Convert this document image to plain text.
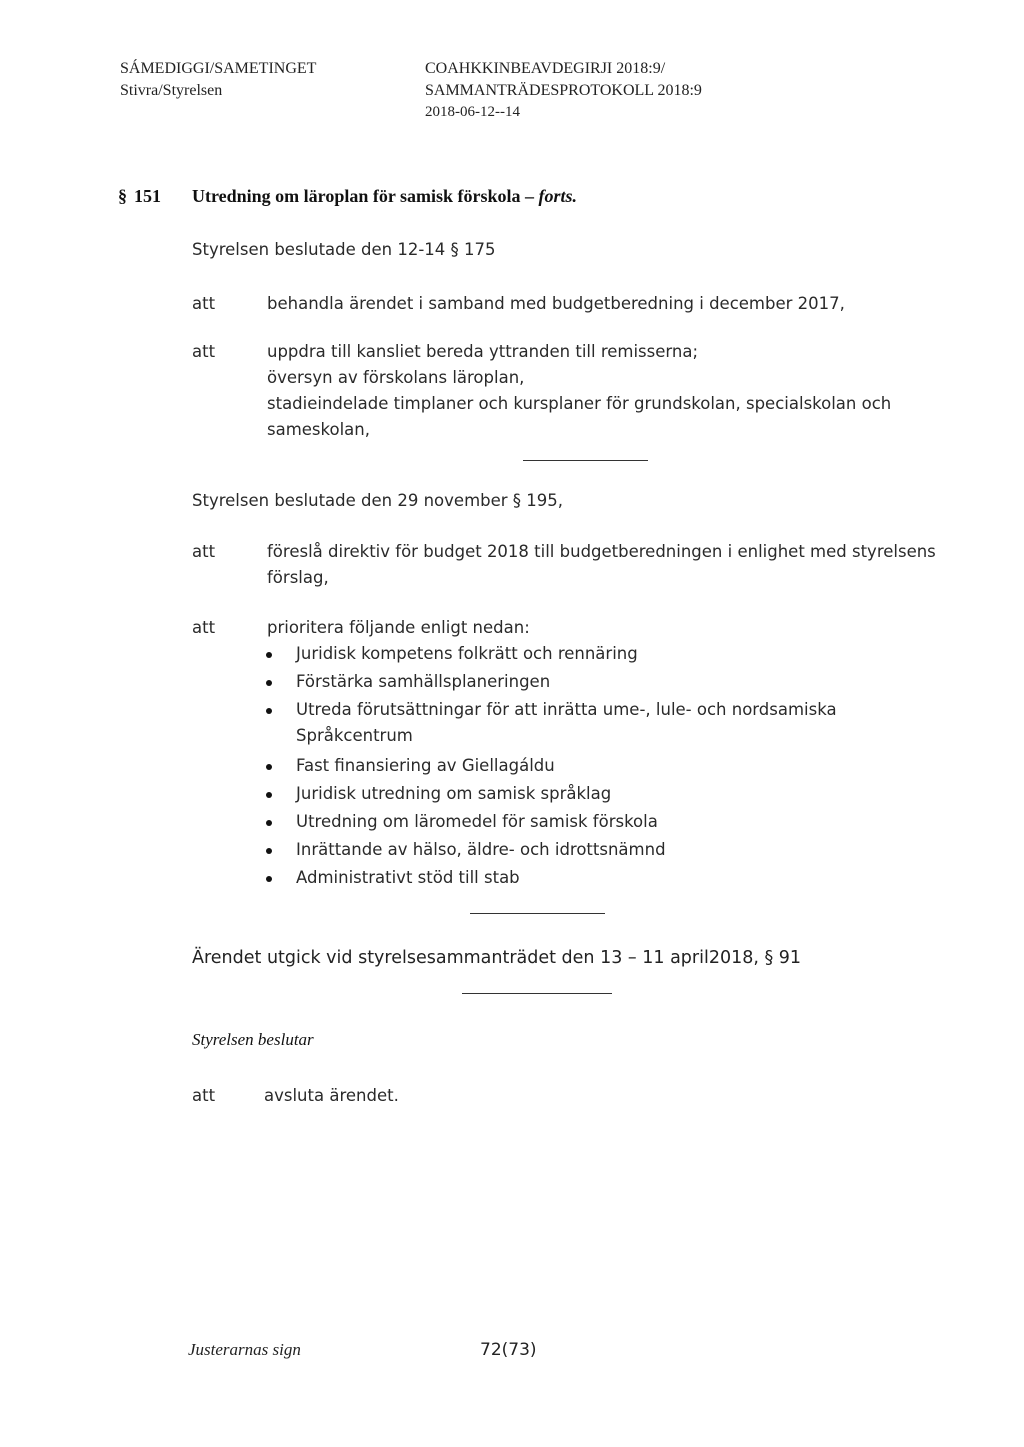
SÁMEDIGGI/SAMETINGET
Stivra/Styrelsen
COAHKKINBEAVDEGIRJI 2018:9/
SAMMANTRÄDESPROTOKOLL 2018:9
2018-06-12--14
§ 151 Utredning om läroplan för samisk förskola – forts.
Styrelsen beslutade den 12-14 § 175
att	behandla ärendet i samband med budgetberedning i december 2017,
att	uppdra till kansliet bereda yttranden till remisserna;
översyn av förskolans läroplan,
stadieindelade timplaner och kursplaner för grundskolan, specialskolan och
sameskolan,
Styrelsen beslutade den 29 november § 195,
att	föreslå direktiv för budget 2018 till budgetberedningen i enlighet med styrelsens
förslag,
att	prioritera följande enligt nedan:
Juridisk kompetens folkrätt och rennäring
Förstärka samhällsplaneringen
Utreda förutsättningar för att inrätta ume-, lule- och nordsamiska
Språkcentrum
Fast finansiering av Giellagáldu
Juridisk utredning om samisk språklag
Utredning om läromedel för samisk förskola
Inrättande av hälso, äldre- och idrottsnämnd
Administrativt stöd till stab
Ärendet utgick vid styrelsesammanträdet den 13 – 11 april2018, § 91
Styrelsen beslutar
att	avsluta ärendet.
Justerarnas sign	72(73)
